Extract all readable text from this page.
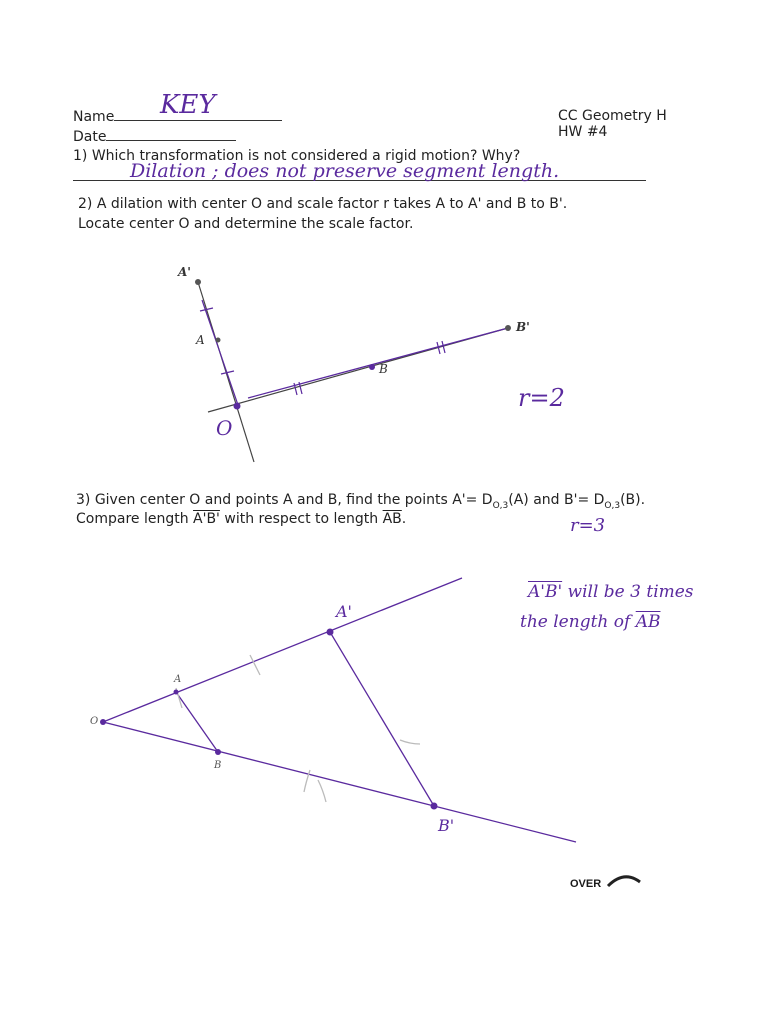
Name	KEY
Date
CC Geometry H
HW #4
1) Which transformation is not considered a rigid motion? Why?
Dilation ; does not preserve segment length.
2) A dilation with center O and scale factor r takes A to A' and B to B'.
Locate center O and determine the scale factor.
A'
A
B'
B
O
r=2
3) Given center O and points A and B, find the points $A'= D_{O,3}(A)$ and $B'= D_{O,3}(B)$.
Compare length A'B' with respect to length $\overline{AB}$.	r=3
A'B' will be 3 times
the length of $\overline{AB}$
O
A
B
A'
B'
OVER
